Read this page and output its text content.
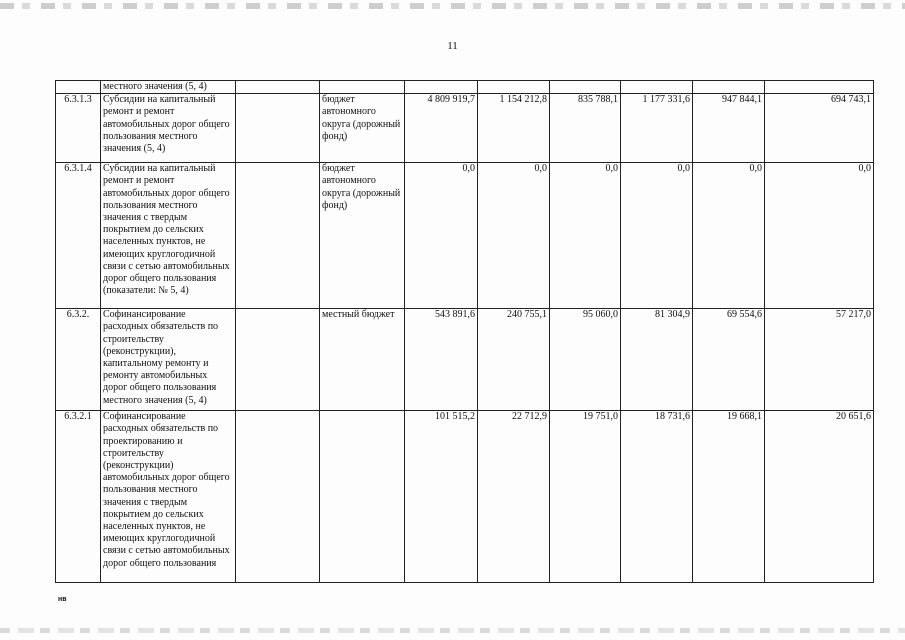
11
	местного значения (5, 4)								
6.3.1.3	Субсидии на капитальный ремонт и ремонт автомобильных дорог общего пользования местного значения (5, 4)		бюджет автономного округа (дорожный фонд)	4 809 919,7	1 154 212,8	835 788,1	1 177 331,6	947 844,1	694 743,1
6.3.1.4	Субсидии на капитальный ремонт и ремонт автомобильных дорог общего пользования местного значения с твердым покрытием до сельских населенных пунктов, не имеющих круглогодичной связи с сетью автомобильных дорог общего пользования (показатели: № 5, 4)		бюджет автономного округа (дорожный фонд)	0,0	0,0	0,0	0,0	0,0	0,0
6.3.2.	Софинансирование расходных обязательств по строительству (реконструкции), капитальному ремонту и ремонту автомобильных дорог общего пользования местного значения (5, 4)		местный бюджет	543 891,6	240 755,1	95 060,0	81 304,9	69 554,6	57 217,0
6.3.2.1	Софинансирование расходных обязательств по проектированию и строительству (реконструкции) автомобильных дорог общего пользования местного значения с твердым покрытием до сельских населенных пунктов, не имеющих круглогодичной связи с сетью автомобильных дорог общего пользования			101 515,2	22 712,9	19 751,0	18 731,6	19 668,1	20 651,6
нв
